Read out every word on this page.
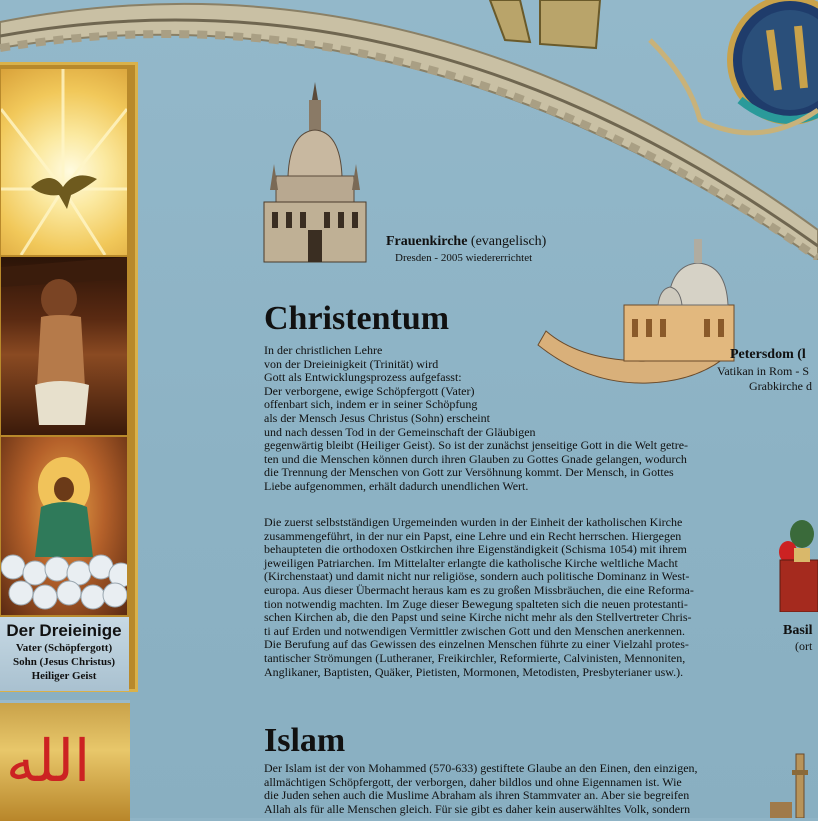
Der Dreieinige
Vater (Schöpfergott)
Sohn (Jesus Christus)
Heiliger Geist
الله
Frauenkirche (evangelisch)
Dresden - 2005 wiedererrichtet
Petersdom (l
Vatikan in Rom - S
Grabkirche d
Basil
(ort
Christentum
In der christlichen Lehre
von der Dreieinigkeit (Trinität) wird
Gott als Entwicklungsprozess aufgefasst:
Der verborgene, ewige Schöpfergott (Vater)
offenbart sich, indem er in seiner Schöpfung
als der Mensch Jesus Christus (Sohn) erscheint
und nach dessen Tod in der Gemeinschaft der Gläubigen
gegenwärtig bleibt (Heiliger Geist). So ist der zunächst jenseitige Gott in die Welt getre-
ten und die Menschen können durch ihren Glauben zu Gottes Gnade gelangen, wodurch
die Trennung der Menschen von Gott zur Versöhnung kommt. Der Mensch, in Gottes
Liebe aufgenommen, erhält dadurch unendlichen Wert.
Die zuerst selbstständigen Urgemeinden wurden in der Einheit der katholischen Kirche
zusammengeführt, in der nur ein Papst, eine Lehre und ein Recht herrschen. Hiergegen
behaupteten die orthodoxen Ostkirchen ihre Eigenständigkeit (Schisma 1054) mit ihrem
jeweiligen Patriarchen. Im Mittelalter erlangte die katholische Kirche weltliche Macht
(Kirchenstaat) und damit nicht nur religiöse, sondern auch politische Dominanz in West-
europa. Aus dieser Übermacht heraus kam es zu großen Missbräuchen, die eine Reforma-
tion notwendig machten. Im Zuge dieser Bewegung spalteten sich die neuen protestanti-
schen Kirchen ab, die den Papst und seine Kirche nicht mehr als den Stellvertreter Chris-
ti auf Erden und notwendigen Vermittler zwischen Gott und den Menschen anerkennen.
Die Berufung auf das Gewissen des einzelnen Menschen führte zu einer Vielzahl protes-
tantischer Strömungen (Lutheraner, Freikirchler, Reformierte, Calvinisten, Mennoniten,
Anglikaner, Baptisten, Quäker, Pietisten, Mormonen, Metodisten, Presbyterianer usw.).
Islam
Der Islam ist der von Mohammed (570-633) gestiftete Glaube an den Einen, den einzigen,
allmächtigen Schöpfergott, der verborgen, daher bildlos und ohne Eigennamen ist. Wie
die Juden sehen auch die Muslime Abraham als ihren Stammvater an. Aber sie begreifen
Allah als für alle Menschen gleich. Für sie gibt es daher kein auserwähltes Volk, sondern
